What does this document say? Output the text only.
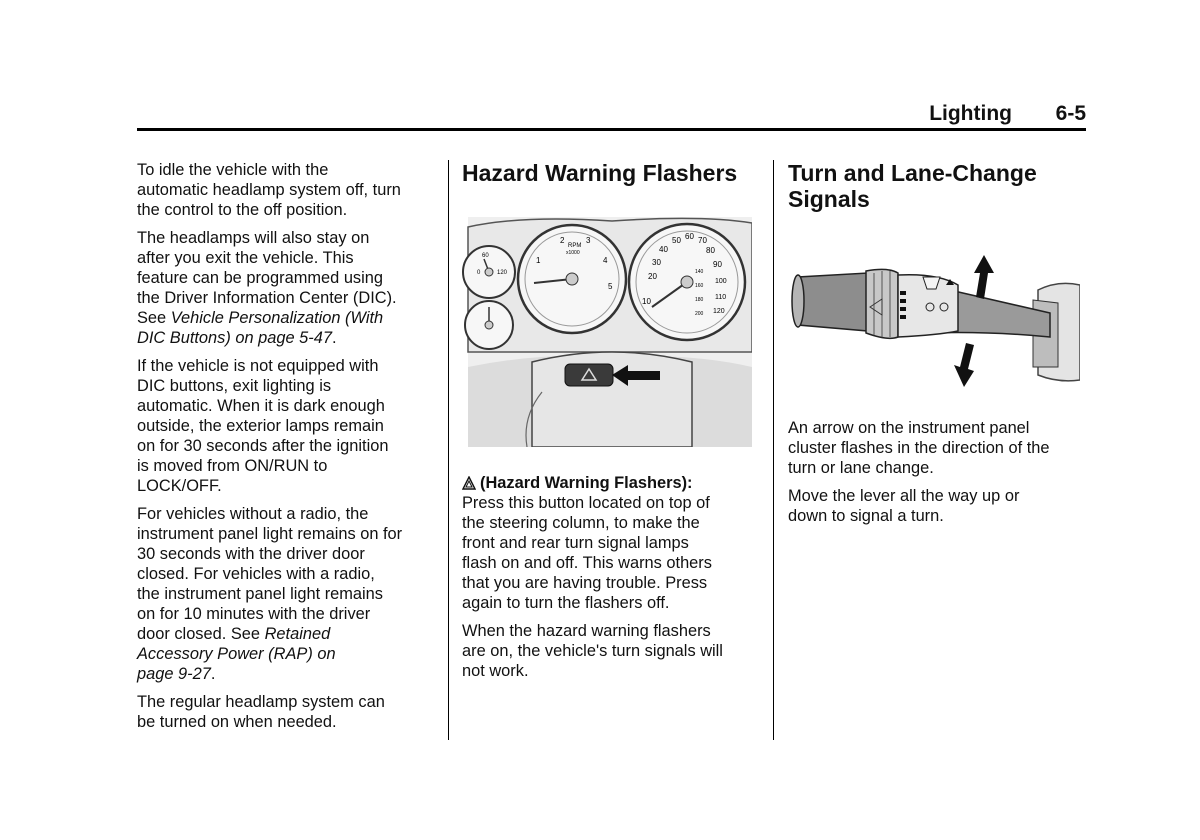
Lighting 6-5

To idle the vehicle with the
automatic headlamp system off, turn
the control to the off position.

The headlamps will also stay on
after you exit the vehicle. This
feature can be programmed using
the Driver Information Center (DIC).
See Vehicle Personalization (With
DIC Buttons) on page 5-47.

If the vehicle is not equipped with
DIC buttons, exit lighting is
automatic. When it is dark enough
outside, the exterior lamps remain
on for 30 seconds after the ignition
is moved from ON/RUN to
LOCK/OFF.

For vehicles without a radio, the
instrument panel light remains on for
30 seconds with the driver door
closed. For vehicles with a radio,
the instrument panel light remains
on for 10 minutes with the driver
door closed. See Retained
Accessory Power (RAP) on
page 9-27.

The regular headlamp system can
be turned on when needed.

Hazard Warning Flashers
60
120
0
RPM
x1000
1
2	3
4
5
10
20
30
40
50 60 70
80
90
100
110
120
140
160
180
200

(Hazard Warning Flashers):
Press this button located on top of
the steering column, to make the
front and rear turn signal lamps
flash on and off. This warns others
that you are having trouble. Press
again to turn the flashers off.

When the hazard warning flashers
are on, the vehicle's turn signals will
not work.

Turn and Lane-Change
Signals

An arrow on the instrument panel
cluster flashes in the direction of the
turn or lane change.

Move the lever all the way up or
down to signal a turn.
